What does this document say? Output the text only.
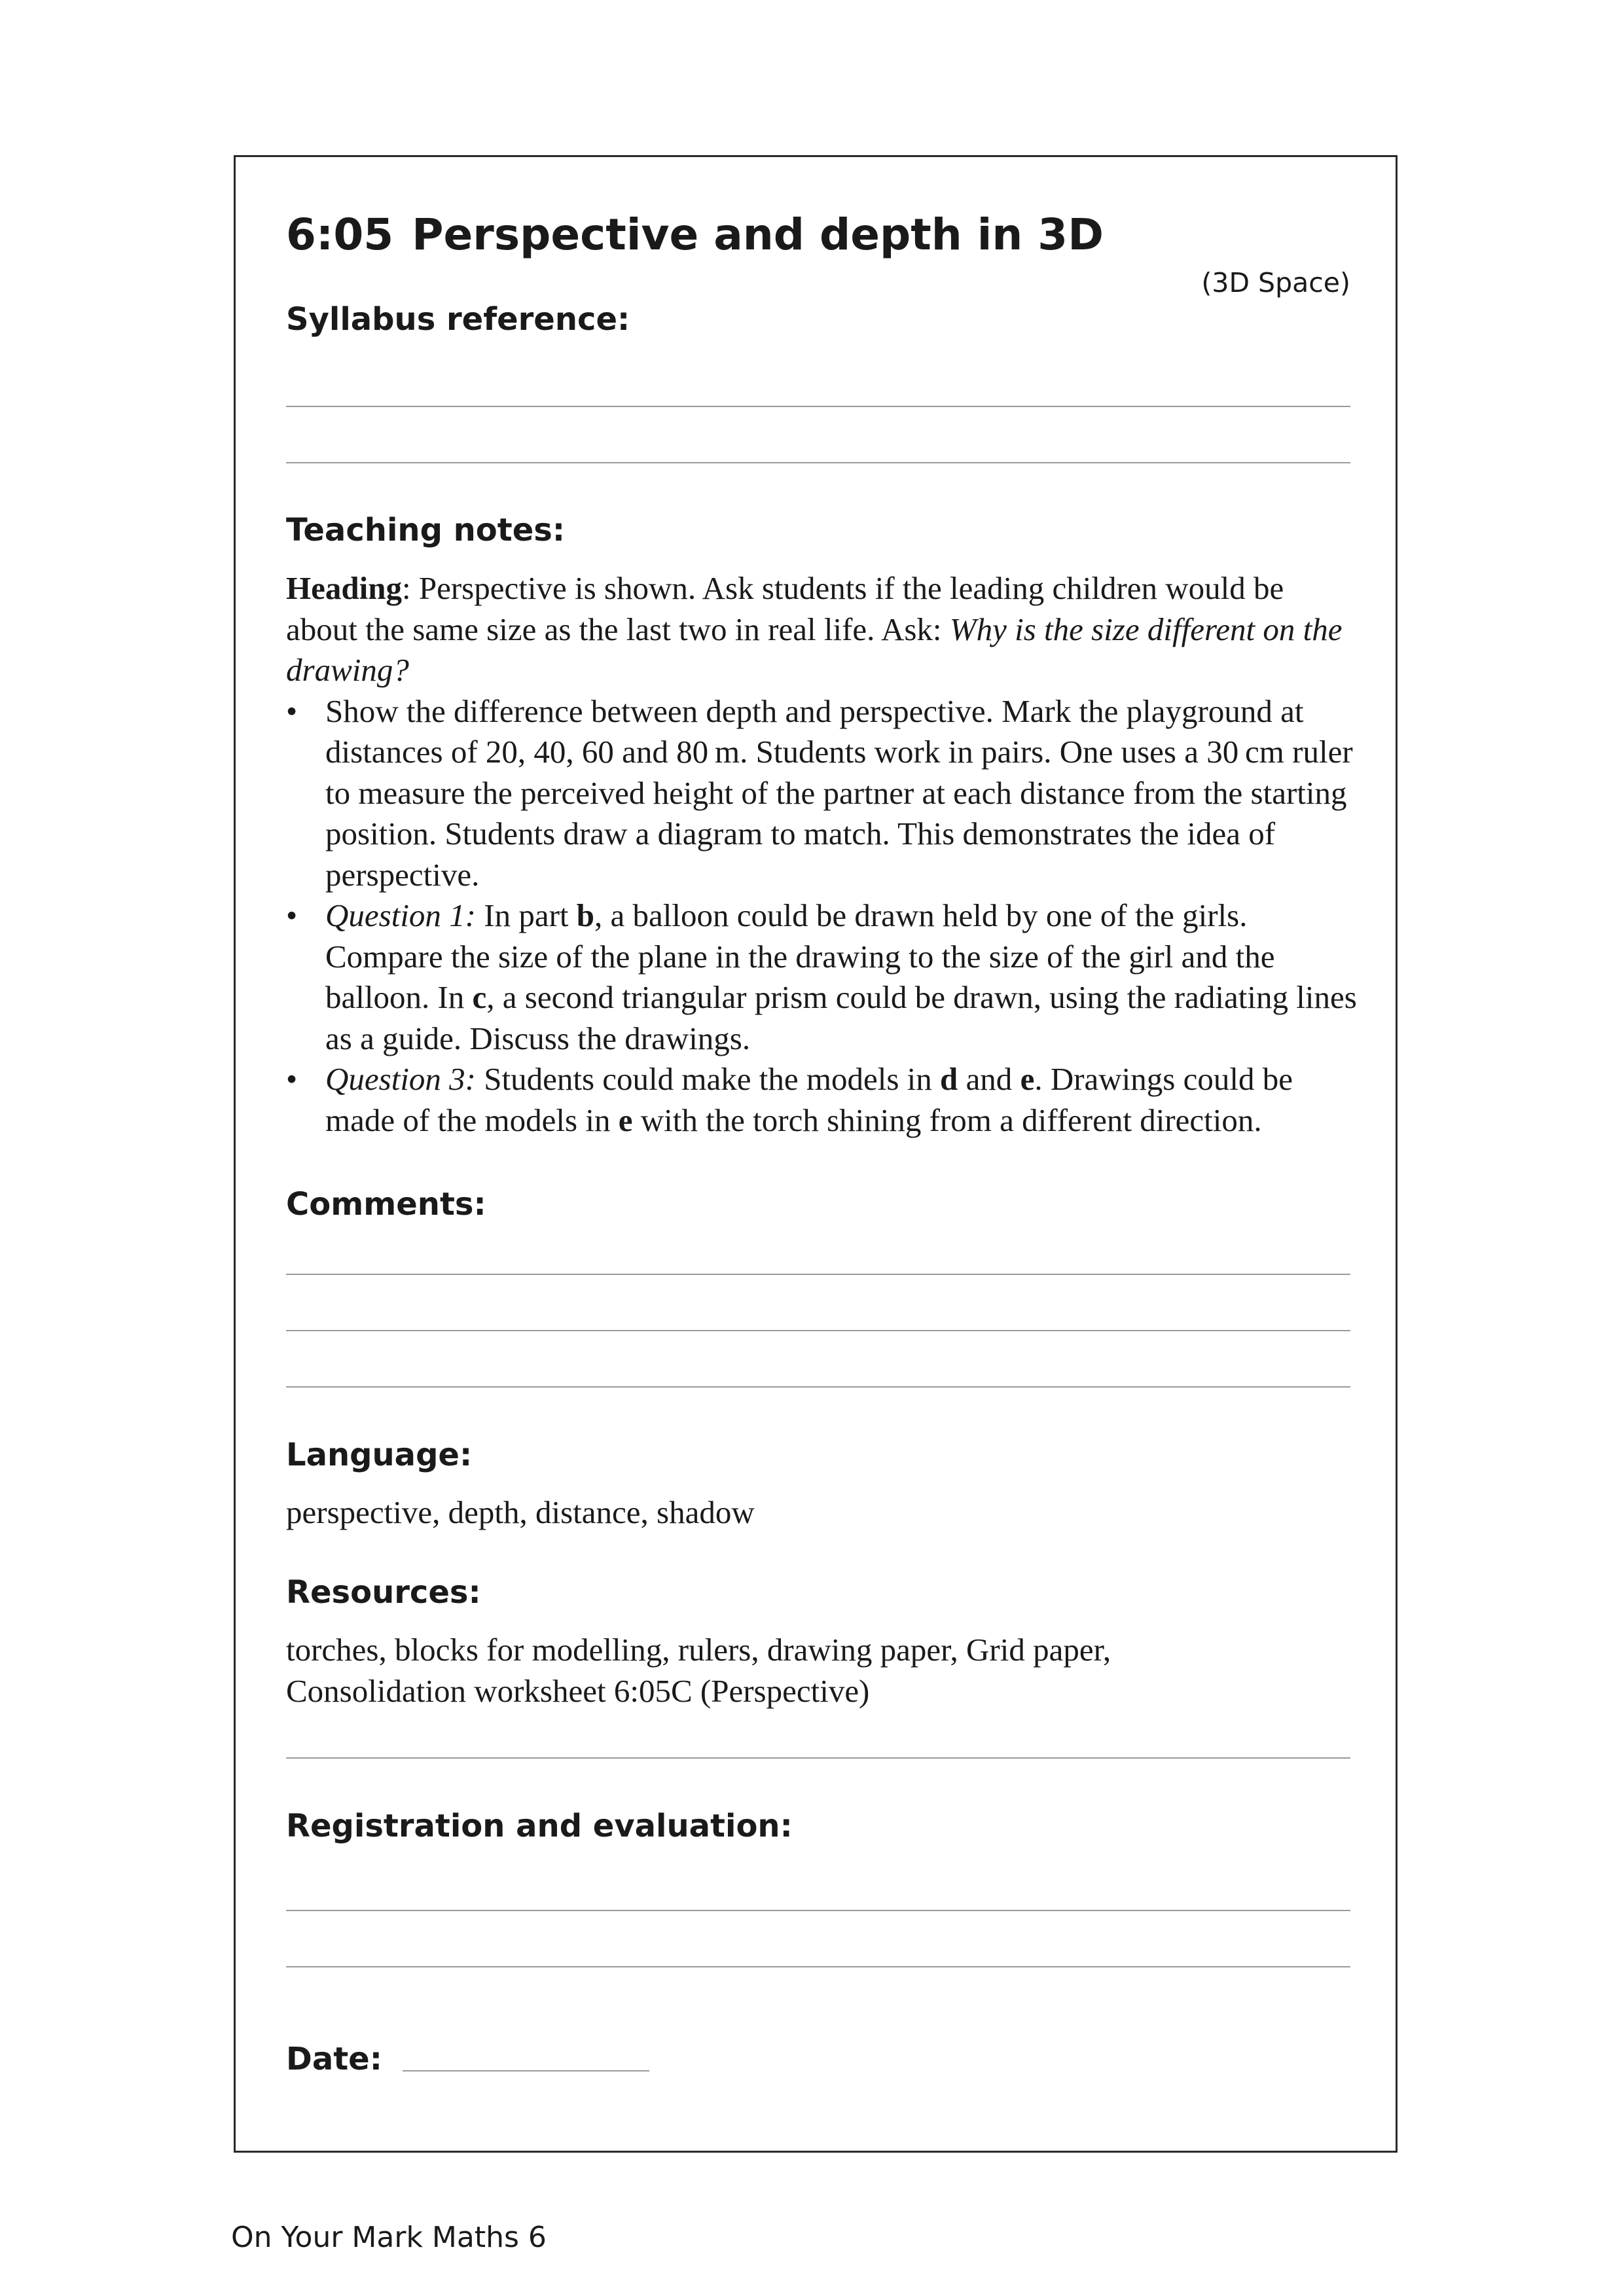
6:05 Perspective and depth in 3D
(3D Space)
Syllabus reference:
Teaching notes:

Heading: Perspective is shown. Ask students if the leading children would be about the same size as the last two in real life. Ask: Why is the size different on the drawing?

• Show the difference between depth and perspective. Mark the playground at distances of 20, 40, 60 and 80 m. Students work in pairs. One uses a 30 cm ruler to measure the perceived height of the partner at each distance from the starting position. Students draw a diagram to match. This demonstrates the idea of perspective.
• Question 1: In part b, a balloon could be drawn held by one of the girls. Compare the size of the plane in the drawing to the size of the girl and the balloon. In c, a second triangular prism could be drawn, using the radiating lines as a guide. Discuss the drawings.
• Question 3: Students could make the models in d and e. Drawings could be made of the models in e with the torch shining from a different direction.
Comments:
Language:
perspective, depth, distance, shadow
Resources:

torches, blocks for modelling, rulers, drawing paper, Grid paper,

Consolidation worksheet 6:05C (Perspective)

Registration and evaluation:
Date:
On Your Mark Maths 6
